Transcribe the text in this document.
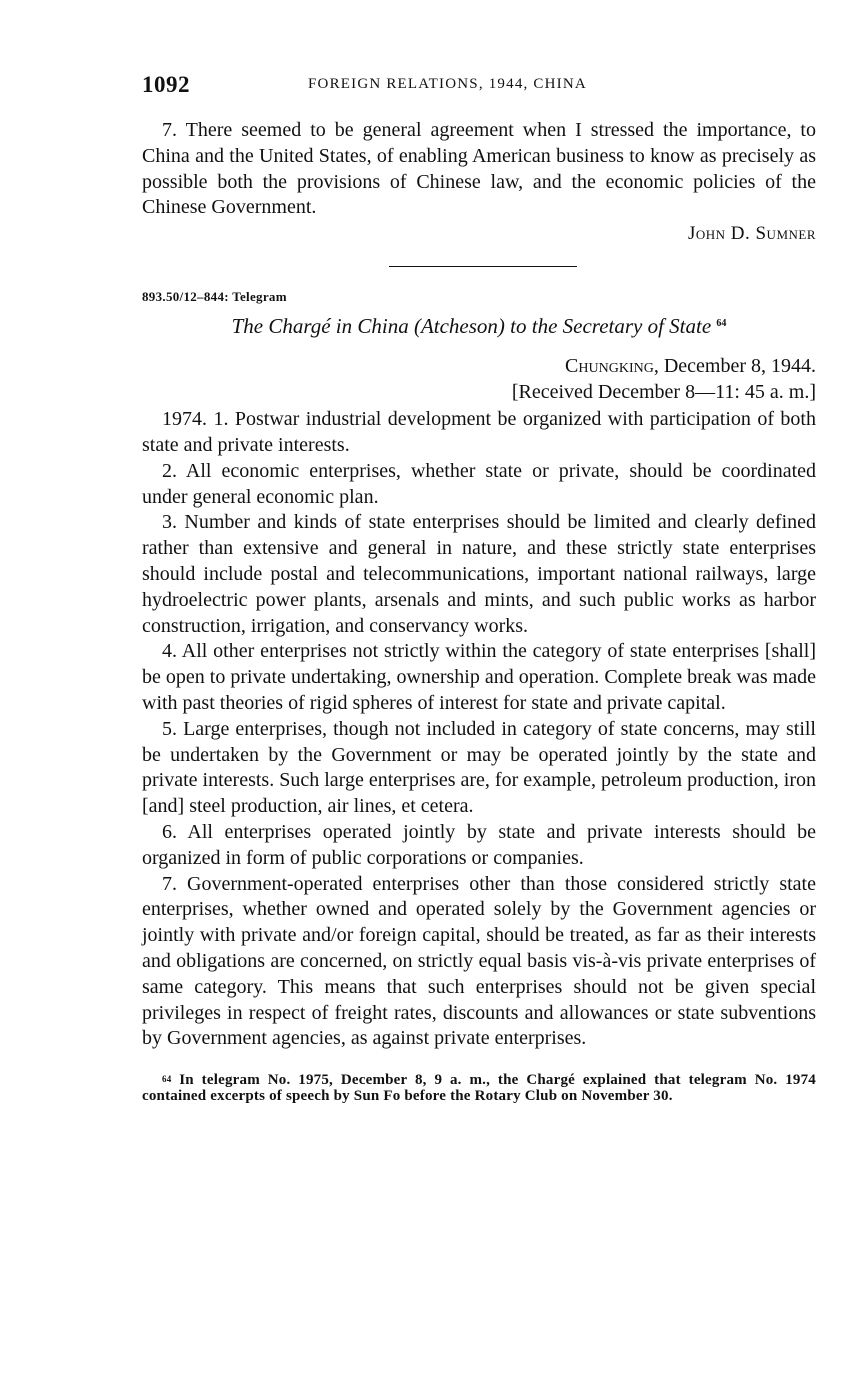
1092	FOREIGN RELATIONS, 1944, CHINA

7. There seemed to be general agreement when I stressed the importance, to China and the United States, of enabling American business to know as precisely as possible both the provisions of Chinese law, and the economic policies of the Chinese Government.

John D. Sumner
893.50/12–844: Telegram
The Chargé in China (Atcheson) to the Secretary of State $^{64}$
Chungking, December 8, 1944.
[Received December 8—11: 45 a. m.]

1974. 1. Postwar industrial development be organized with participation of both state and private interests.

2. All economic enterprises, whether state or private, should be coordinated under general economic plan.

3. Number and kinds of state enterprises should be limited and clearly defined rather than extensive and general in nature, and these strictly state enterprises should include postal and telecommunications, important national railways, large hydroelectric power plants, arsenals and mints, and such public works as harbor construction, irrigation, and conservancy works.

4. All other enterprises not strictly within the category of state enterprises [shall] be open to private undertaking, ownership and operation. Complete break was made with past theories of rigid spheres of interest for state and private capital.

5. Large enterprises, though not included in category of state concerns, may still be undertaken by the Government or may be operated jointly by the state and private interests. Such large enterprises are, for example, petroleum production, iron [and] steel production, air lines, et cetera.

6. All enterprises operated jointly by state and private interests should be organized in form of public corporations or companies.

7. Government-operated enterprises other than those considered strictly state enterprises, whether owned and operated solely by the Government agencies or jointly with private and/or foreign capital, should be treated, as far as their interests and obligations are concerned, on strictly equal basis vis-à-vis private enterprises of same category. This means that such enterprises should not be given special privileges in respect of freight rates, discounts and allowances or state subventions by Government agencies, as against private enterprises.

$^{64}$ In telegram No. 1975, December 8, 9 a. m., the Chargé explained that telegram No. 1974 contained excerpts of speech by Sun Fo before the Rotary Club on November 30.
